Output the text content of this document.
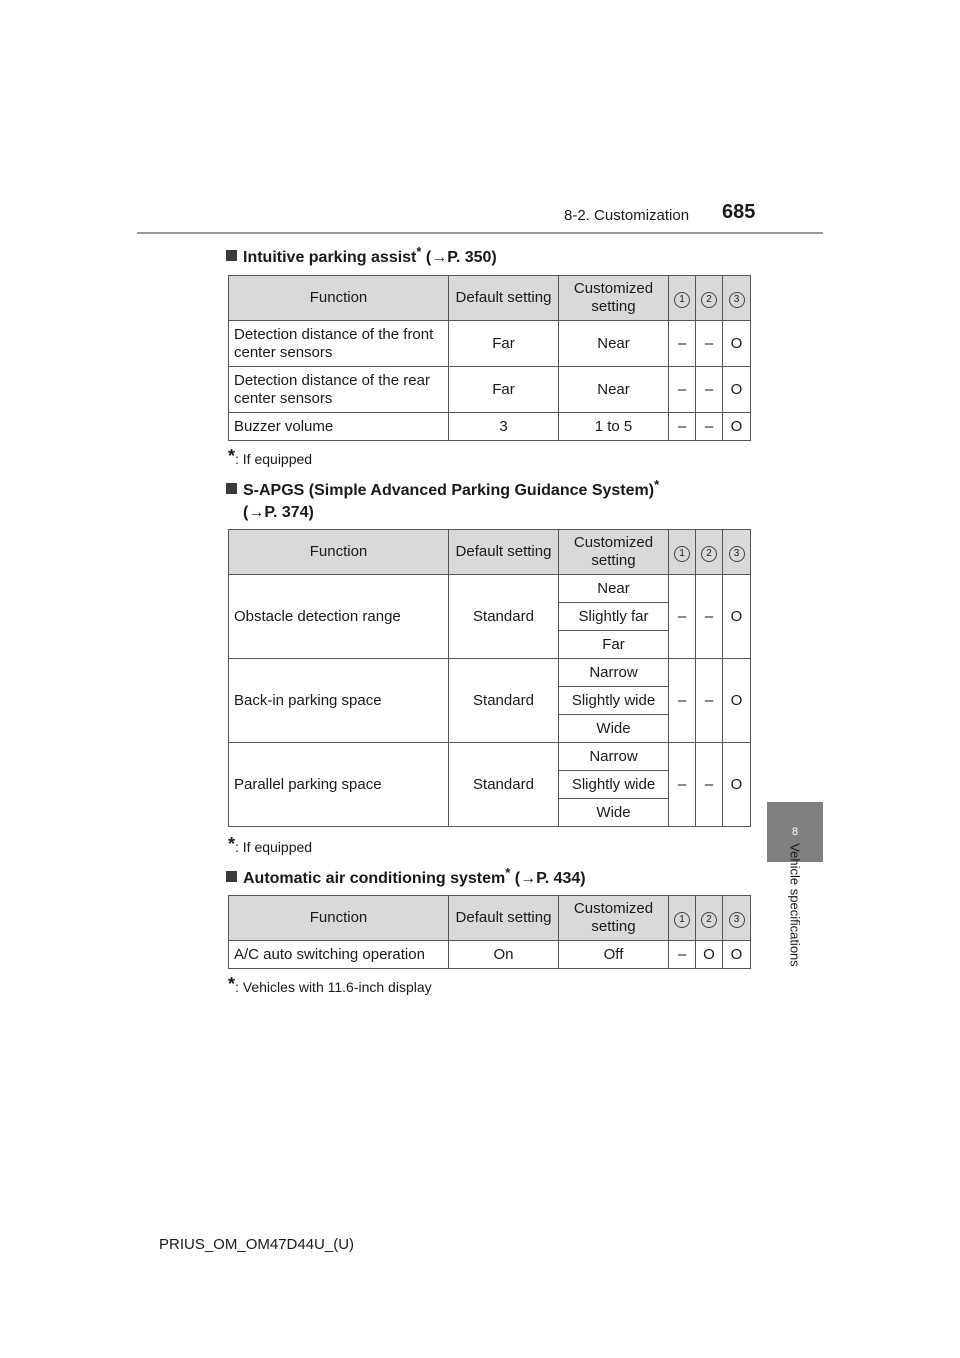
8-2. Customization 685
8
Vehicle specifications
Intuitive parking assist* (→P. 350)
Function	Default setting	Customized setting	1	2	3
Detection distance of the front center sensors	Far	Near	–	–	O
Detection distance of the rear center sensors	Far	Near	–	–	O
Buzzer volume	3	1 to 5	–	–	O
*: If equipped
S-APGS (Simple Advanced Parking Guidance System)*
(→P. 374)
Function	Default setting	Customized setting	1	2	3
Obstacle detection range	Standard	Near	–	–	O
		Slightly far			
		Far			
Back-in parking space	Standard	Narrow	–	–	O
		Slightly wide			
		Wide			
Parallel parking space	Standard	Narrow	–	–	O
		Slightly wide			
		Wide			
*: If equipped
Automatic air conditioning system* (→P. 434)
Function	Default setting	Customized setting	1	2	3
A/C auto switching operation	On	Off	–	O	O
*: Vehicles with 11.6-inch display
PRIUS_OM_OM47D44U_(U)
